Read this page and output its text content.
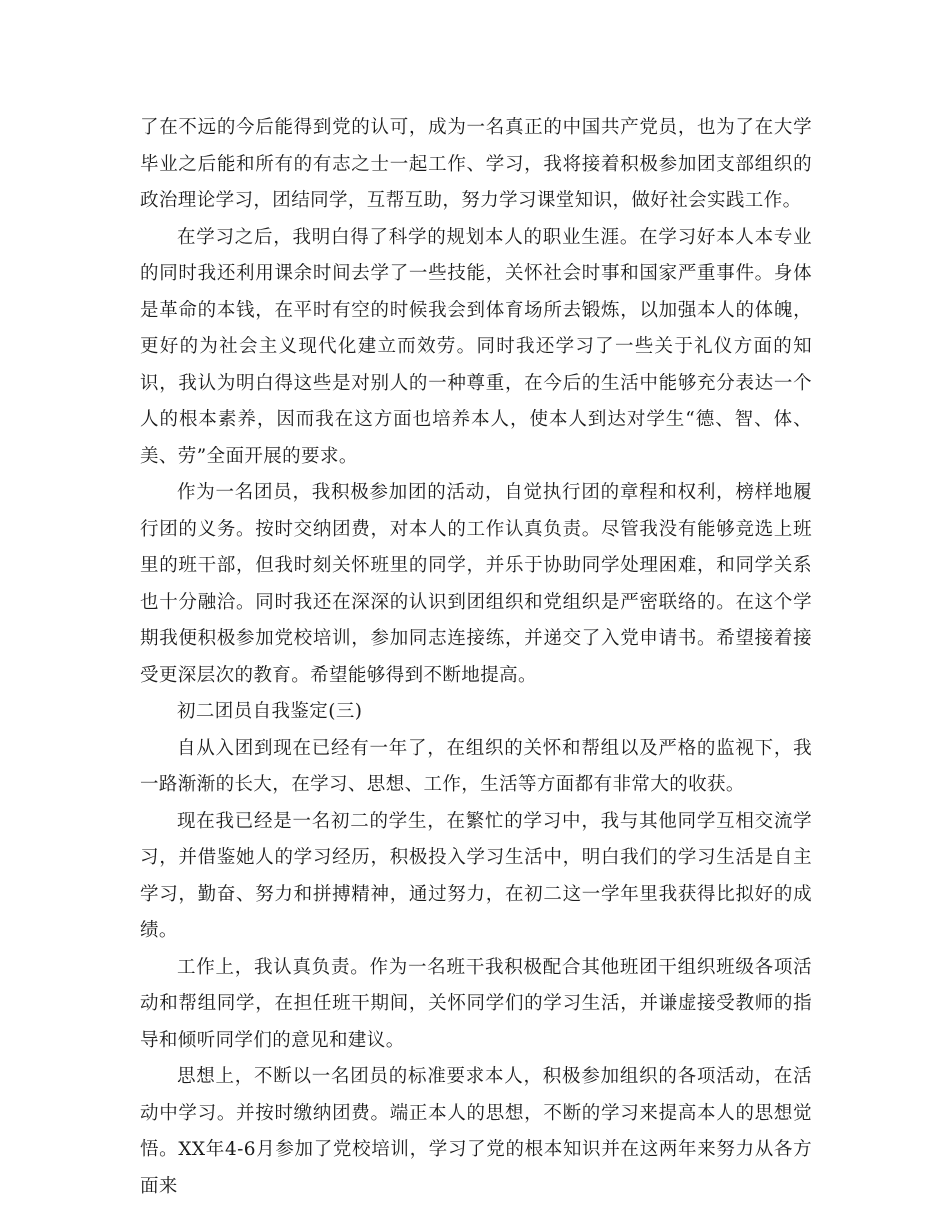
了在不远的今后能得到党的认可，成为一名真正的中国共产党员，也为了在大学毕业之后能和所有的有志之士一起工作、学习，我将接着积极参加团支部组织的政治理论学习，团结同学，互帮互助，努力学习课堂知识，做好社会实践工作。

在学习之后，我明白得了科学的规划本人的职业生涯。在学习好本人本专业的同时我还利用课余时间去学了一些技能，关怀社会时事和国家严重事件。身体是革命的本钱，在平时有空的时候我会到体育场所去锻炼，以加强本人的体魄，更好的为社会主义现代化建立而效劳。同时我还学习了一些关于礼仪方面的知识，我认为明白得这些是对别人的一种尊重，在今后的生活中能够充分表达一个人的根本素养，因而我在这方面也培养本人，使本人到达对学生“德、智、体、美、劳”全面开展的要求。

作为一名团员，我积极参加团的活动，自觉执行团的章程和权利，榜样地履行团的义务。按时交纳团费，对本人的工作认真负责。尽管我没有能够竞选上班里的班干部，但我时刻关怀班里的同学，并乐于协助同学处理困难，和同学关系也十分融洽。同时我还在深深的认识到团组织和党组织是严密联络的。在这个学期我便积极参加党校培训，参加同志连接练，并递交了入党申请书。希望接着接受更深层次的教育。希望能够得到不断地提高。

初二团员自我鉴定(三)

自从入团到现在已经有一年了，在组织的关怀和帮组以及严格的监视下，我一路渐渐的长大，在学习、思想、工作，生活等方面都有非常大的收获。

现在我已经是一名初二的学生，在繁忙的学习中，我与其他同学互相交流学习，并借鉴她人的学习经历，积极投入学习生活中，明白我们的学习生活是自主学习，勤奋、努力和拼搏精神，通过努力，在初二这一学年里我获得比拟好的成绩。

工作上，我认真负责。作为一名班干我积极配合其他班团干组织班级各项活动和帮组同学，在担任班干期间，关怀同学们的学习生活，并谦虚接受教师的指导和倾听同学们的意见和建议。

思想上，不断以一名团员的标准要求本人，积极参加组织的各项活动，在活动中学习。并按时缴纳团费。端正本人的思想，不断的学习来提高本人的思想觉悟。XX年4-6月参加了党校培训，学习了党的根本知识并在这两年来努力从各方面来
